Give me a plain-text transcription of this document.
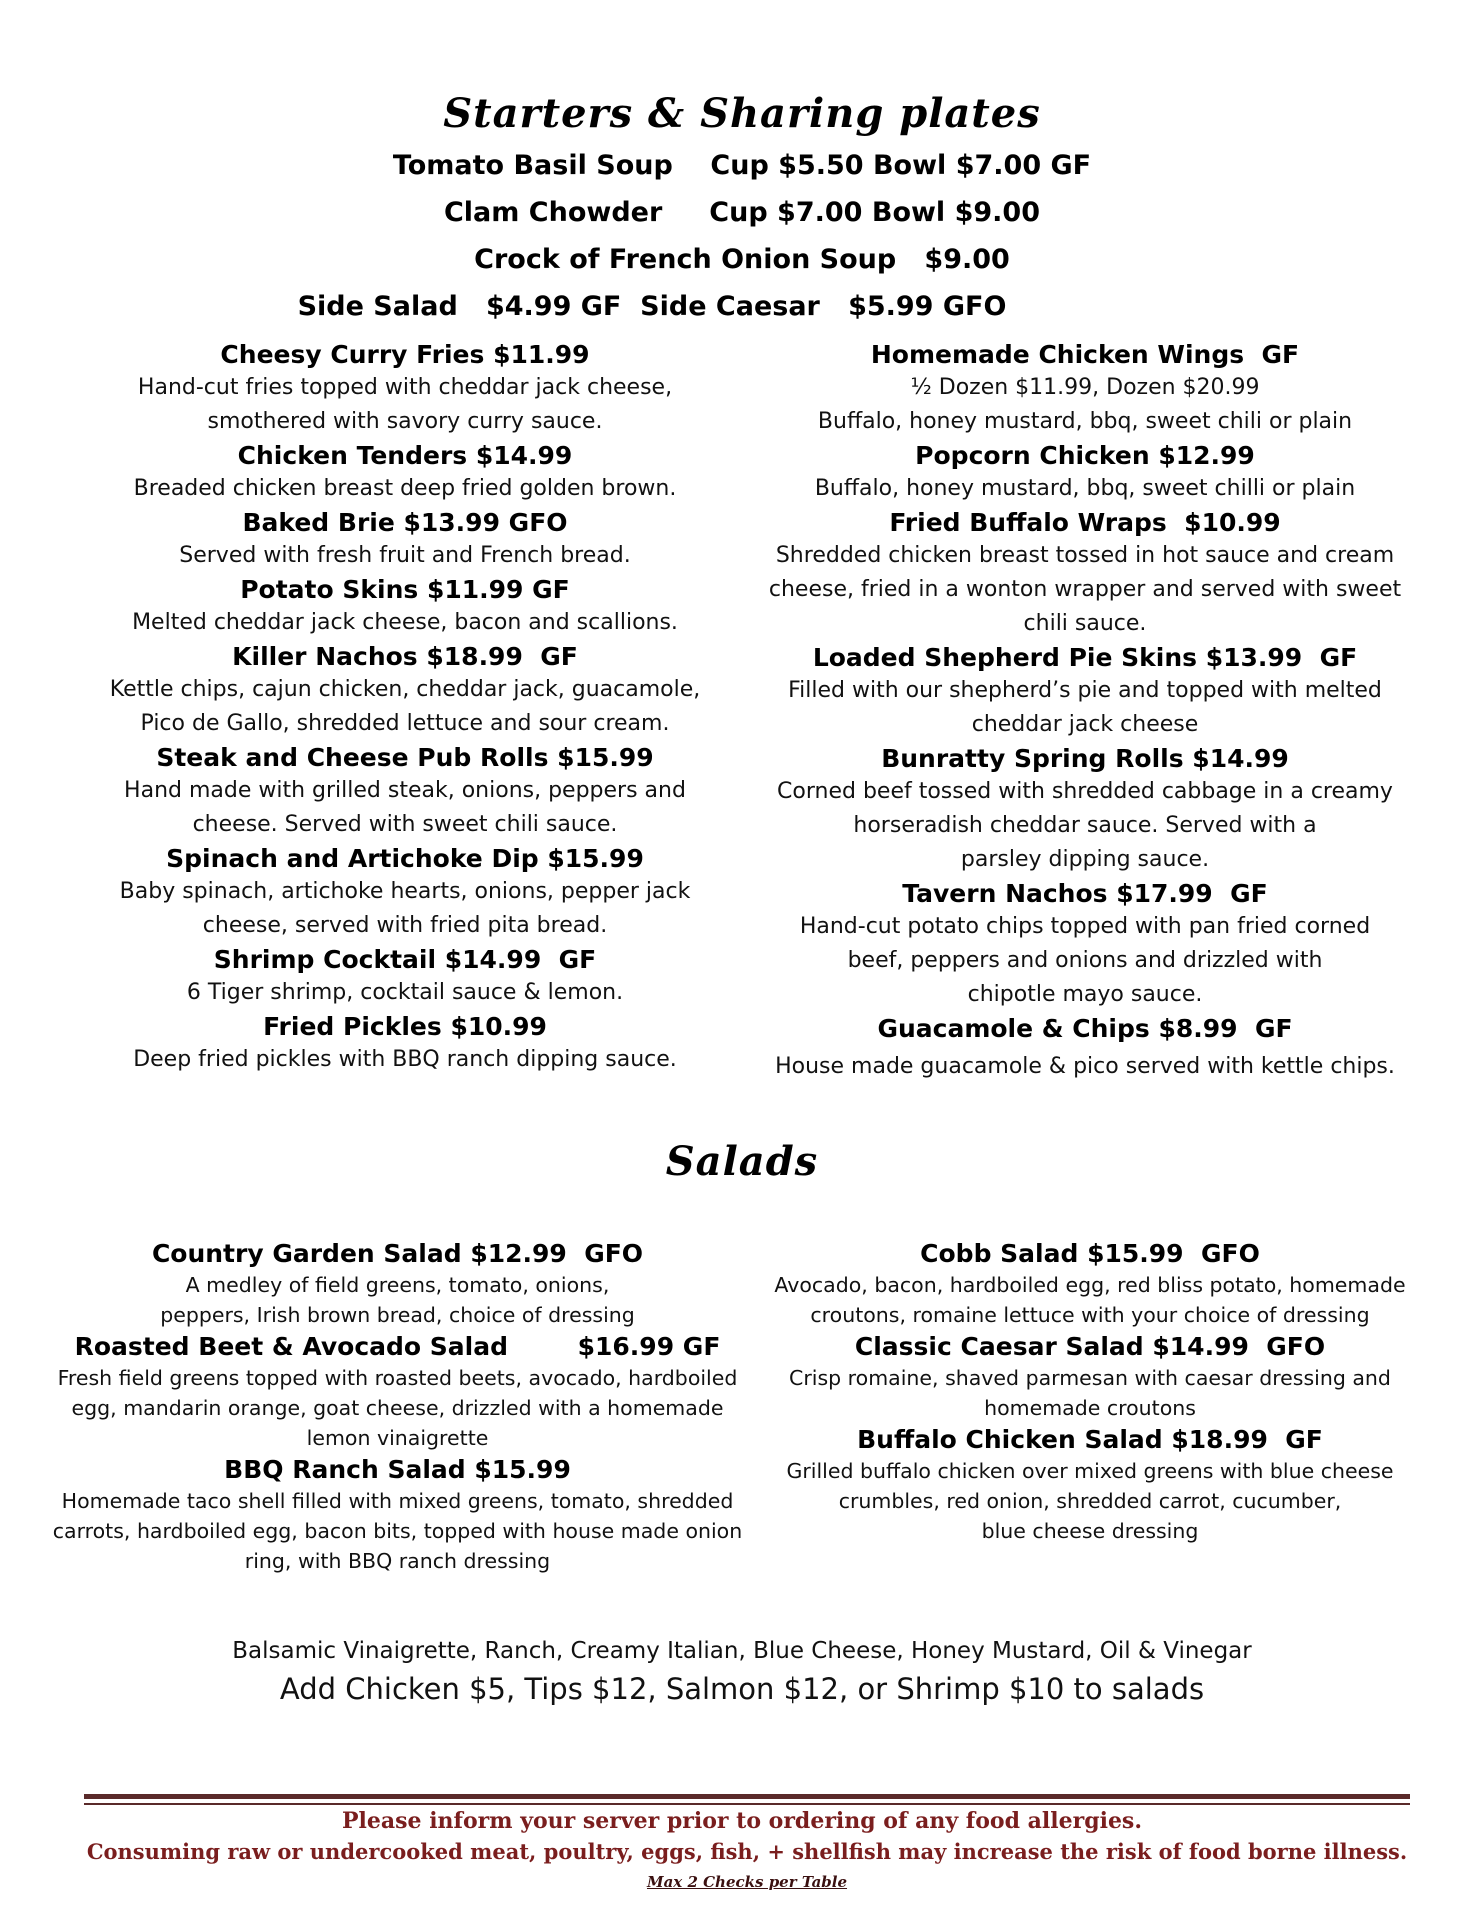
Starters & Sharing plates
Tomato Basil Soup    Cup $5.50 Bowl $7.00 GF
Clam Chowder     Cup $7.00 Bowl $9.00
Crock of French Onion Soup   $9.00
Side Salad   $4.99 GF  Side Caesar   $5.99 GFO
Cheesy Curry Fries $11.99
Hand-cut fries topped with cheddar jack cheese,
smothered with savory curry sauce.
Chicken Tenders $14.99
Breaded chicken breast deep fried golden brown.
Baked Brie $13.99 GFO
Served with fresh fruit and French bread.
Potato Skins $11.99 GF
Melted cheddar jack cheese, bacon and scallions.
Killer Nachos $18.99  GF
Kettle chips, cajun chicken, cheddar jack, guacamole,
Pico de Gallo, shredded lettuce and sour cream.
Steak and Cheese Pub Rolls $15.99
Hand made with grilled steak, onions, peppers and
cheese. Served with sweet chili sauce.
Spinach and Artichoke Dip $15.99
Baby spinach, artichoke hearts, onions, pepper jack
cheese, served with fried pita bread.
Shrimp Cocktail $14.99  GF
6 Tiger shrimp, cocktail sauce & lemon.
Fried Pickles $10.99
Deep fried pickles with BBQ ranch dipping sauce.
Homemade Chicken Wings  GF
½ Dozen $11.99, Dozen $20.99
Buffalo, honey mustard, bbq, sweet chili or plain
Popcorn Chicken $12.99
Buffalo, honey mustard, bbq, sweet chilli or plain
Fried Buffalo Wraps  $10.99
Shredded chicken breast tossed in hot sauce and cream
cheese, fried in a wonton wrapper and served with sweet
chili sauce.
Loaded Shepherd Pie Skins $13.99  GF
Filled with our shepherd’s pie and topped with melted
cheddar jack cheese
Bunratty Spring Rolls $14.99
Corned beef tossed with shredded cabbage in a creamy
horseradish cheddar sauce. Served with a
parsley dipping sauce.
Tavern Nachos $17.99  GF
Hand-cut potato chips topped with pan fried corned
beef, peppers and onions and drizzled with
chipotle mayo sauce.
Guacamole & Chips $8.99  GF
House made guacamole & pico served with kettle chips.
Salads
Country Garden Salad $12.99  GFO
A medley of field greens, tomato, onions,
peppers, Irish brown bread, choice of dressing
Roasted Beet & Avocado Salad        $16.99 GF
Fresh field greens topped with roasted beets, avocado, hardboiled
egg, mandarin orange, goat cheese, drizzled with a homemade
lemon vinaigrette
BBQ Ranch Salad $15.99
Homemade taco shell filled with mixed greens, tomato, shredded
carrots, hardboiled egg, bacon bits, topped with house made onion
ring, with BBQ ranch dressing
Cobb Salad $15.99  GFO
Avocado, bacon, hardboiled egg, red bliss potato, homemade
croutons, romaine lettuce with your choice of dressing
Classic Caesar Salad $14.99  GFO
Crisp romaine, shaved parmesan with caesar dressing and
homemade croutons
Buffalo Chicken Salad $18.99  GF
Grilled buffalo chicken over mixed greens with blue cheese
crumbles, red onion, shredded carrot, cucumber,
blue cheese dressing
Balsamic Vinaigrette, Ranch, Creamy Italian, Blue Cheese, Honey Mustard, Oil & Vinegar
Add Chicken $5, Tips $12, Salmon $12, or Shrimp $10 to salads
Please inform your server prior to ordering of any food allergies.
Consuming raw or undercooked meat, poultry, eggs, fish, + shellfish may increase the risk of food borne illness. Max 2 Checks per Table
